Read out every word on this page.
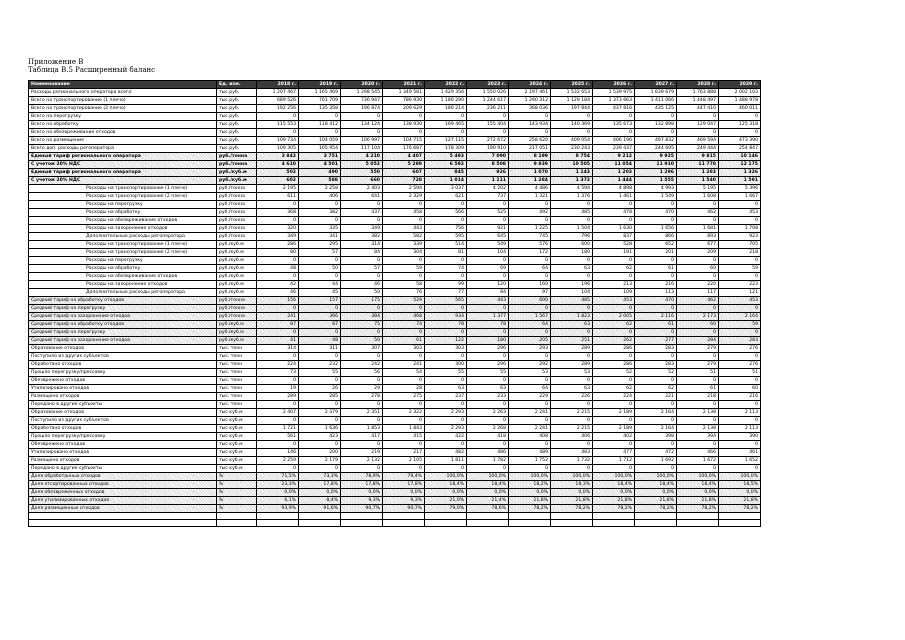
Приложение В
Таблица В.5 Расширенный баланс
Наименование	Ед. изм.	2018 г.	2019 г.	2020 г.	2021 г.	2022 г.	2023 г.	2024 г.	2025 г.	2026 г.	2027 г.	2028 г.	2029 г.
Расходы регионального оператора всего:	тыс.руб.	1 207 467	1 165 469	1 298 545	1 349 581	1 429 356	1 550 026	2 197 461	1 532 653	1 539 975	1 639 679	1 763 888	2 002 103
Всего на транспортирование (1 плечо)	тыс.руб.	689 526	701 709	736 947	786 930	1 180 290	1 244 617	1 290 312	1 129 184	1 373 663	1 411 066	1 448 497	1 488 978
Всего на транспортирование (2 плечо)	тыс.руб.	192 256	135 358	196 874	209 629	180 214	236 211	368 036	197 844	437 816	435 125	447 410	460 011
Всего на перегрузку	тыс.руб.	0	0	0	0	0	0	0	0	0	0	0	0
Всего на обработку	тыс.руб.	115 553	118 412	134 124	138 930	169 465	155 404	143 934	140 369	135 673	132 898	129 047	125 318
Всего на обезвреживание отходов	тыс.руб.	0	0	0	0	0	0	0	0	0	0	0	0
Всего на размещение	тыс.руб.	109 734	104 059	106 997	104 715	127 115	272 672	258 620	409 054	406 196	497 832	469 594	473 390
Всего доп. расходы регоператора	тыс.руб.	109 305	105 954	117 104	176 687	178 309	190 910	217 051	230 243	239 437	244 695	249 444	254 847
Единый тариф регионального оператора	руб./тонна	3 842	3 751	4 210	4 407	5 493	7 090	8 199	8 754	9 212	9 925	9 815	10 146
С учетом 20% НДС	руб./тонна	4 610	4 501	5 052	5 289	6 592	8 508	9 839	10 505	11 054	11 910	11 778	12 175
Единый тариф регионального оператора	руб./куб.м	502	490	550	607	845	926	1 070	1 143	1 203	1 296	1 283	1 326
С учетом 20% НДС	руб./куб.м	602	588	660	728	1 014	1 111	1 284	1 372	1 444	1 555	1 540	1 591
Расходы на транспортирование (1 плечо)	руб./тонна	2 195	2 258	2 403	2 594	3 037	4 202	4 486	4 594	4 898	4 993	5 195	5 396
Расходы на транспортирование (2 плечо)	руб./тонна	611	406	641	2 329	621	737	1 321	1 376	1 461	1 549	1 608	1 667
Расходы на перегрузку	руб./тонна	0	0	0	0	0	0	0	0	0	0	0	0
Расходы на обработку	руб./тонна	368	382	437	458	566	525	492	485	478	470	462	453
Расходы на обезвреживание отходов	руб./тонна	0	0	0	0	0	0	0	0	0	0	0	0
Расходы на захоронение отходов	руб./тонна	320	335	349	443	756	921	1 225	1 504	1 630	1 656	1 681	1 708
Дополнительные расходы регоператора	руб./тонна	349	341	382	582	595	645	745	796	837	866	893	923
Расходы на транспортирование (1 плечо)	руб./куб.м	286	295	314	339	514	549	576	600	528	652	677	705
Расходы на транспортирование (2 плечо)	руб./куб.м	80	57	84	304	81	104	172	180	191	201	209	218
Расходы на перегрузку	руб./куб.м	0	0	0	0	0	0	0	0	0	0	0	0
Расходы на обработку	руб./куб.м	48	50	57	59	74	69	64	63	62	61	60	59
Расходы на обезвреживание отходов	руб./куб.м	0	0	0	0	0	0	0	0	0	0	0	0
Расходы на захоронение отходов	руб./куб.м	42	44	46	58	99	120	160	196	213	216	220	223
Дополнительные расходы регоператора	руб./куб.м	46	45	50	76	77	84	97	104	109	113	117	121
Средний тариф на обработку отходов	руб./тонна	156	157	175	529	565	443	600	485	453	470	462	453
Средний тариф на перегрузку	руб./тонна	0	0	0	0	0	0	0	0	0	0	0	0
Средний тариф на захоронение отходов	руб./тонна	241	366	384	468	934	1 377	1 567	1 823	2 005	2 116	2 173	2 164
Средний тариф на обработку отходов	руб./куб.м	87	87	75	74	78	78	64	63	62	61	60	59
Средний тариф на перегрузку	руб./куб.м	0	0	0	0	0	0	0	0	0	0	0	0
Средний тариф на захоронение отходов	руб./куб.м	41	48	50	61	122	180	205	251	262	277	284	283
Образование отходов	тыс. тонн	314	311	307	303	303	296	293	289	286	283	279	276
Поступило из других субъектов	тыс. тонн	0	0	0	0	0	0	0	0	0	0	0	0
Обработано отходов	тыс. тонн	224	232	242	241	300	296	292	289	286	283	279	276
Прошло перегрузку/прессовку	тыс. тонн	73	55	56	54	55	55	53	53	52	52	51	51
Обезврежено отходов	тыс. тонн	0	0	0	0	0	0	0	0	0	0	0	0
Утилизировано отходов	тыс. тонн	19	26	29	28	63	63	64	63	62	62	61	60
Размещено отходов	тыс. тонн	289	285	278	275	237	233	229	226	224	221	218	216
Передано в другие субъекты	тыс. тонн	0	0	0	0	0	0	0	0	0	0	0	0
Образование отходов	тыс.куб.м	2 407	2 379	2 351	2 322	2 293	2 263	2 241	2 215	2 189	2 164	2 138	2 113
Поступило из других субъектов	тыс.куб.м	0	0	0	0	0	0	0	0	0	0	0	0
Обработано отходов	тыс.куб.м	1 721	1 636	1 853	1 843	2 293	2 268	2 241	2 215	2 189	2 164	2 138	2 113
Прошло перегрузку/прессовку	тыс.куб.м	561	423	417	415	422	418	408	406	402	398	394	390
Обезврежено отходов	тыс.куб.м	0	0	0	0	0	0	0	0	0	0	0	0
Утилизировано отходов	тыс.куб.м	146	200	219	217	482	486	489	483	477	472	466	461
Размещено отходов	тыс.куб.м	2 259	2 179	2 132	2 105	1 811	1 782	1 752	1 732	1 712	1 692	1 672	1 652
Передано в другие субъекты	тыс.куб.м	0	0	0	0	0	0	0	0	0	0	0	0
Доля обработанных отходов	%	71,5%	73,3%	78,9%	79,4%	100,0%	100,0%	100,0%	100,0%	100,0%	100,0%	100,0%	100,0%
Доля отсортированных отходов	%	23,3%	17,8%	17,8%	17,8%	18,4%	18,4%	18,2%	18,3%	18,4%	18,4%	18,4%	18,5%
Доля обезвреженных отходов	%	0,0%	0,0%	0,0%	0,0%	0,0%	0,0%	0,0%	0,0%	0,0%	0,0%	0,0%	0,0%
Доля утилизированных отходов	%	6,1%	8,4%	9,3%	9,3%	21,0%	21,4%	21,8%	21,8%	21,8%	21,8%	21,8%	21,8%
Доля размещенных отходов	%	93,9%	91,6%	90,7%	90,7%	79,0%	78,6%	78,2%	78,2%	78,2%	78,2%	78,2%	78,2%
